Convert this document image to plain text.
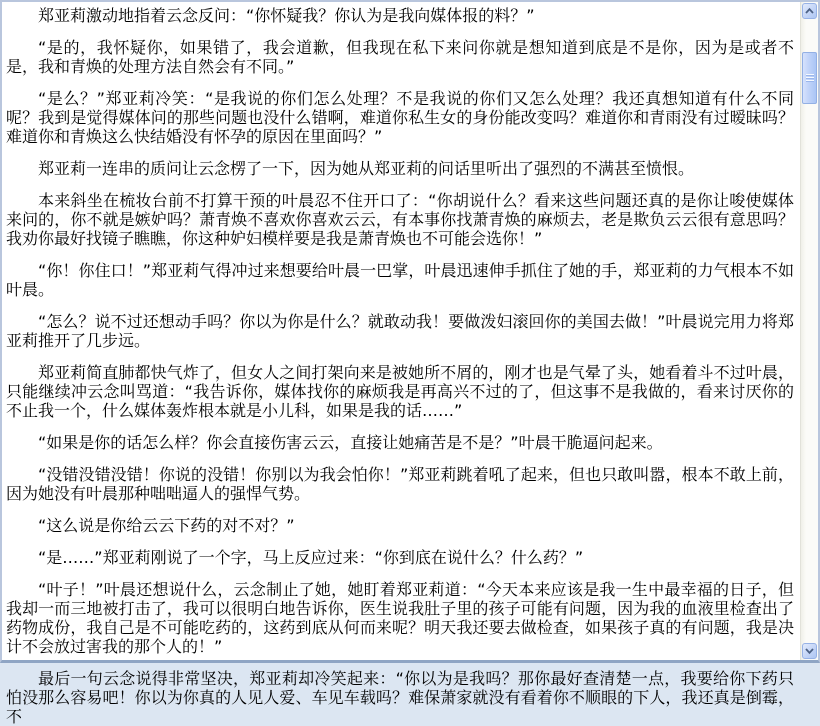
郑亚莉激动地指着云念反问：“你怀疑我？你认为是我向媒体报的料？”

“是的，我怀疑你，如果错了，我会道歉，但我现在私下来问你就是想知道到底是不是你，因为是或者不是，我和青焕的处理方法自然会有不同。”

“是么？”郑亚莉冷笑：“是我说的你们怎么处理？不是我说的你们又怎么处理？我还真想知道有什么不同呢？我到是觉得媒体问的那些问题也没什么错啊，难道你私生女的身份能改变吗？难道你和青雨没有过暧昧吗？难道你和青焕这么快结婚没有怀孕的原因在里面吗？”

郑亚莉一连串的质问让云念楞了一下，因为她从郑亚莉的问话里听出了强烈的不满甚至愤恨。

本来斜坐在梳妆台前不打算干预的叶晨忍不住开口了：“你胡说什么？看来这些问题还真的是你让唆使媒体来问的，你不就是嫉妒吗？萧青焕不喜欢你喜欢云云，有本事你找萧青焕的麻烦去，老是欺负云云很有意思吗？我劝你最好找镜子瞧瞧，你这种妒妇模样要是我是萧青焕也不可能会选你！”

“你！你住口！”郑亚莉气得冲过来想要给叶晨一巴掌，叶晨迅速伸手抓住了她的手，郑亚莉的力气根本不如叶晨。

“怎么？说不过还想动手吗？你以为你是什么？就敢动我！要做泼妇滚回你的美国去做！”叶晨说完用力将郑亚莉推开了几步远。

郑亚莉简直肺都快气炸了，但女人之间打架向来是被她所不屑的，刚才也是气晕了头，她看着斗不过叶晨，只能继续冲云念叫骂道：“我告诉你，媒体找你的麻烦我是再高兴不过的了，但这事不是我做的，看来讨厌你的不止我一个，什么媒体轰炸根本就是小儿科，如果是我的话……”

“如果是你的话怎么样？你会直接伤害云云，直接让她痛苦是不是？”叶晨干脆逼问起来。

“没错没错没错！你说的没错！你别以为我会怕你！”郑亚莉跳着吼了起来，但也只敢叫嚣，根本不敢上前，因为她没有叶晨那种咄咄逼人的强悍气势。

“这么说是你给云云下药的对不对？”

“是……”郑亚莉刚说了一个字，马上反应过来：“你到底在说什么？什么药？”

“叶子！”叶晨还想说什么，云念制止了她，她盯着郑亚莉道：“今天本来应该是我一生中最幸福的日子，但我却一而三地被打击了，我可以很明白地告诉你，医生说我肚子里的孩子可能有问题，因为我的血液里检查出了药物成份，我自己是不可能吃药的，这药到底从何而来呢？明天我还要去做检查，如果孩子真的有问题，我是决计不会放过害我的那个人的！”

最后一句云念说得非常坚决，郑亚莉却冷笑起来：“你以为是我吗？那你最好查清楚一点，我要给你下药只怕没那么容易吧！你以为你真的人见人爱、车见车载吗？难保萧家就没有看着你不顺眼的下人，我还真是倒霉，不
